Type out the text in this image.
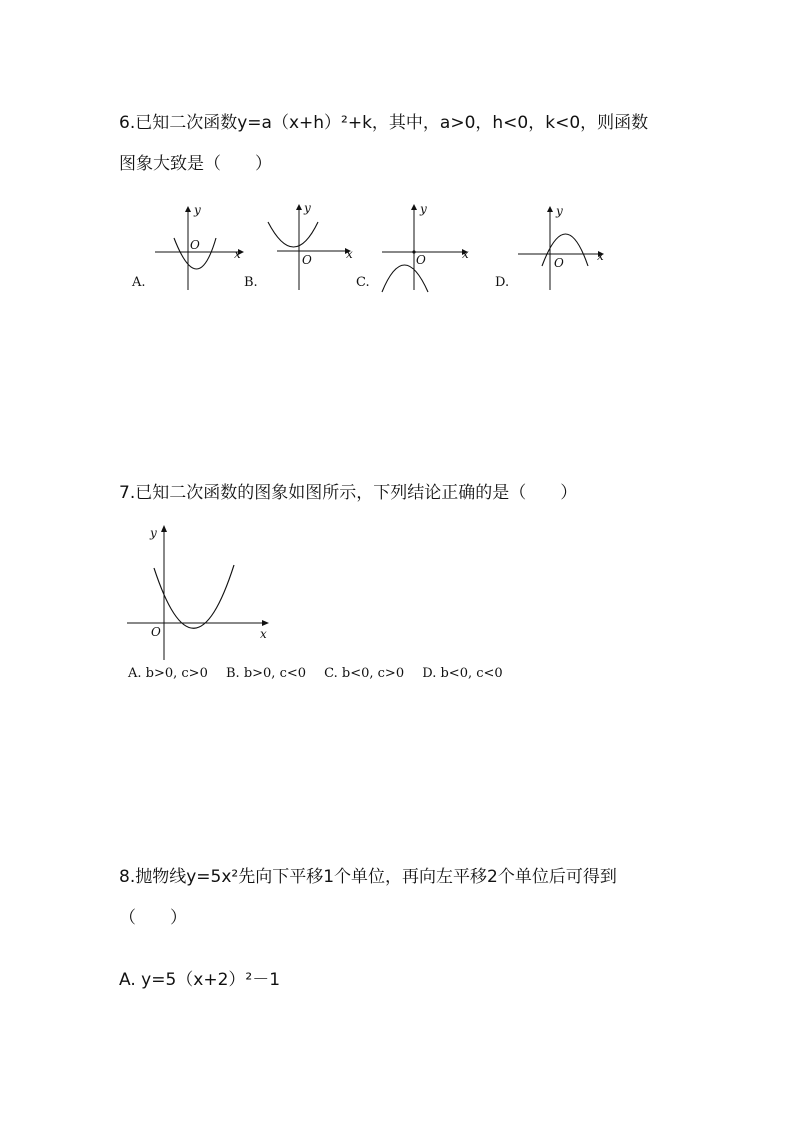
6.已知二次函数y=a（x+h）²+k，其中，a>0，h<0，k<0，则函数
图象大致是（　　）
y
x
O
A.
y
x
O
B.
y
x
O
C.
y
x
O
D.
7.已知二次函数的图象如图所示，下列结论正确的是（　　）
y
x
O
A. b>0, c>0 B. b>0, c<0 C. b<0, c>0 D. b<0, c<0
8.抛物线y=5x²先向下平移1个单位，再向左平移2个单位后可得到
（　　）
A. y=5（x+2）²－1
